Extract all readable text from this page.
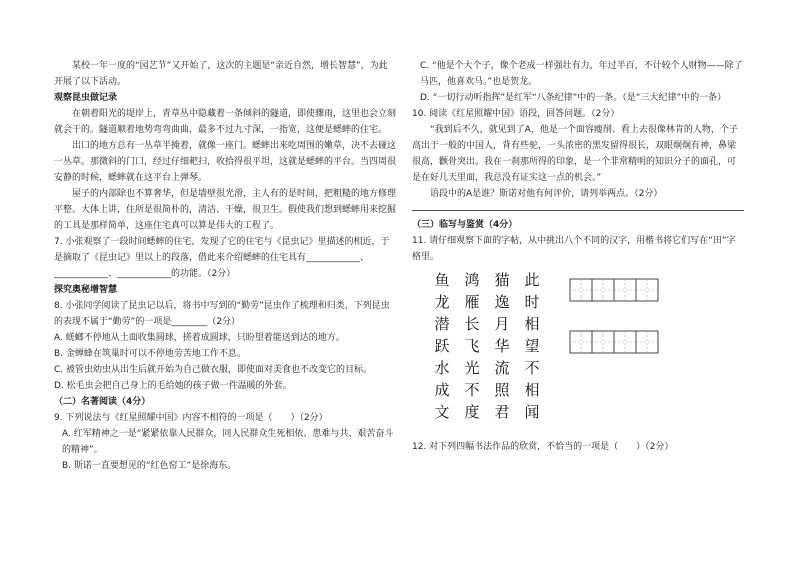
某校一年一度的“园艺节”又开始了，这次的主题是“亲近自然，增长智慧”，为此开展了以下活动。

观察昆虫做记录

在朝着阳光的堤岸上，青草丛中隐藏着一条倾斜的隧道，即使骤雨，这里也会立刻就会干的。隧道顺着地势弯弯曲曲，最多不过九寸深，一指宽，这便是蟋蟀的住宅。

出口的地方总有一丛草半掩着，就像一座门。蟋蟀出来吃周围的嫩草，决不去碰这一丛草。那微斜的门口，经过仔细耙扫，收拾得很平坦，这就是蟋蟀的平台。当四周很安静的时候，蟋蟀就在这平台上弹琴。

屋子的内部除也不算奢华，但是墙壁很光滑，主人有的是时间，把粗糙的地方修理平整。大体上讲，住所是很简朴的，清洁、干燥，很卫生。假使我们想到蟋蟀用来挖掘的工具是那样简单，这座住宅真可以算是伟大的工程了。

7. 小张观察了一段时间蟋蟀的住宅，发现了它的住宅与《昆虫记》里描述的相近，于是摘取了《昆虫记》里以上的段落，借此来介绍蟋蟀的住宅具有____________、____________、____________的功能。（2分）

探究奥秘增智慧

8. 小张同学阅读了昆虫记以后，将书中写到的“勤劳”昆虫作了梳理和归类，下列昆虫的表现不属于“勤劳”的一项是________（2分）

A. 蜣螂不停地从土面收集圆球，搓着成圆球，只盼望着能送到达的地方。

B. 金蝉蜂在筑巢时可以不停地劳苦地工作不息。

C. 被管虫幼虫从出生后就开始为自己做衣服，即使面对美食也不改变它的目标。

D. 松毛虫会把自己身上的毛给她的孩子做一件温暖的外套。

（二）名著阅读（4分）

9. 下列说法与《红星照耀中国》内容不相符的一项是（　　）（2分）

A. 红军精神之一是“紧紧依靠人民群众，同人民群众生死相依、患难与共、艰苦奋斗的精神”。

B. 斯诺一直要想见的“红色窑工”是徐海东。

C. “他是个大个子，像个老成一样强壮有力，年过半百，不计较个人财物——除了马匹，他喜欢马。”也是贺龙。

D. “一切行动听指挥”是红军“八条纪律”中的一条。（是“三大纪律”中的一条）

10. 阅读《红星照耀中国》语段，回答问题。（2分）

“我到后不久，就见到了A，他是一个面容瘦削、看上去很像林肯的人物，个子高出于一般的中国人，背有些驼，一头浓密的黑发留得很长，双眼炯炯有神，鼻梁很高，颧骨突出。我在一刹那所得的印象，是一个非常精明的知识分子的面孔，可是在好几天里面，我总没有证实这一点的机会。”

语段中的A是谁？斯诺对他有何评价，请列举两点。（2分）

（三）临写与鉴赏（4分）

11. 请仔细观察下面的字帖，从中挑出八个不同的汉字，用楷书将它们写在“田”字格里。

鱼
龙
潜
跃
水
成
文
鸿
雁
长
飞
光
不
度
猫
逸
月
华
流
照
君
此
时
相
望
不
相
闻

12. 对下列四幅书法作品的欣赏，不恰当的一项是（　　）（2分）
